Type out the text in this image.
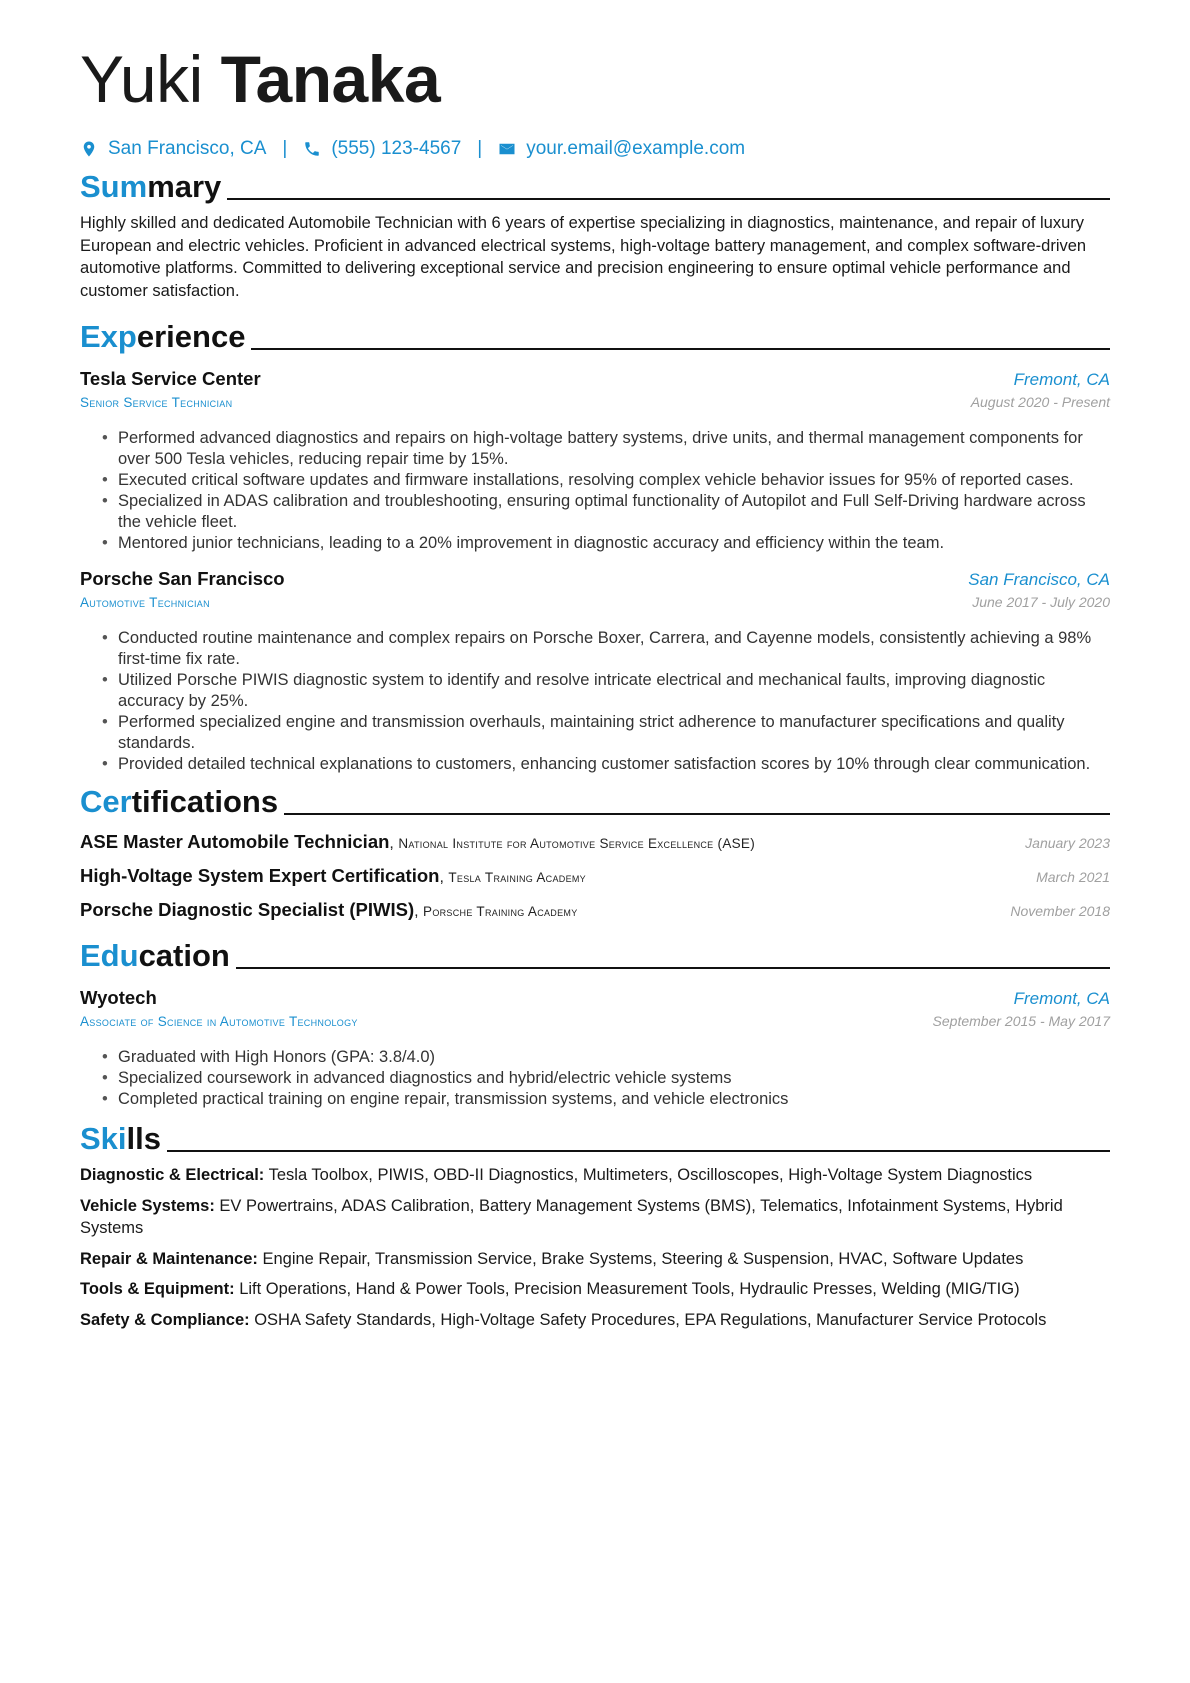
Yuki Tanaka
San Francisco, CA | (555) 123-4567 | your.email@example.com
Summary
Highly skilled and dedicated Automobile Technician with 6 years of expertise specializing in diagnostics, maintenance, and repair of luxury European and electric vehicles. Proficient in advanced electrical systems, high-voltage battery management, and complex software-driven automotive platforms. Committed to delivering exceptional service and precision engineering to ensure optimal vehicle performance and customer satisfaction.
Experience
Tesla Service Center	Fremont, CA
Senior Service Technician	August 2020 - Present
• Performed advanced diagnostics and repairs on high-voltage battery systems, drive units, and thermal management components for over 500 Tesla vehicles, reducing repair time by 15%.
• Executed critical software updates and firmware installations, resolving complex vehicle behavior issues for 95% of reported cases.
• Specialized in ADAS calibration and troubleshooting, ensuring optimal functionality of Autopilot and Full Self-Driving hardware across the vehicle fleet.
• Mentored junior technicians, leading to a 20% improvement in diagnostic accuracy and efficiency within the team.
Porsche San Francisco	San Francisco, CA
Automotive Technician	June 2017 - July 2020
• Conducted routine maintenance and complex repairs on Porsche Boxer, Carrera, and Cayenne models, consistently achieving a 98% first-time fix rate.
• Utilized Porsche PIWIS diagnostic system to identify and resolve intricate electrical and mechanical faults, improving diagnostic accuracy by 25%.
• Performed specialized engine and transmission overhauls, maintaining strict adherence to manufacturer specifications and quality standards.
• Provided detailed technical explanations to customers, enhancing customer satisfaction scores by 10% through clear communication.
Certifications
ASE Master Automobile Technician, National Institute for Automotive Service Excellence (ASE)	January 2023
High-Voltage System Expert Certification, Tesla Training Academy	March 2021
Porsche Diagnostic Specialist (PIWIS), Porsche Training Academy	November 2018
Education
Wyotech	Fremont, CA
Associate of Science in Automotive Technology	September 2015 - May 2017
• Graduated with High Honors (GPA: 3.8/4.0)
• Specialized coursework in advanced diagnostics and hybrid/electric vehicle systems
• Completed practical training on engine repair, transmission systems, and vehicle electronics
Skills
Diagnostic & Electrical: Tesla Toolbox, PIWIS, OBD-II Diagnostics, Multimeters, Oscilloscopes, High-Voltage System Diagnostics
Vehicle Systems: EV Powertrains, ADAS Calibration, Battery Management Systems (BMS), Telematics, Infotainment Systems, Hybrid Systems
Repair & Maintenance: Engine Repair, Transmission Service, Brake Systems, Steering & Suspension, HVAC, Software Updates
Tools & Equipment: Lift Operations, Hand & Power Tools, Precision Measurement Tools, Hydraulic Presses, Welding (MIG/TIG)
Safety & Compliance: OSHA Safety Standards, High-Voltage Safety Procedures, EPA Regulations, Manufacturer Service Protocols
